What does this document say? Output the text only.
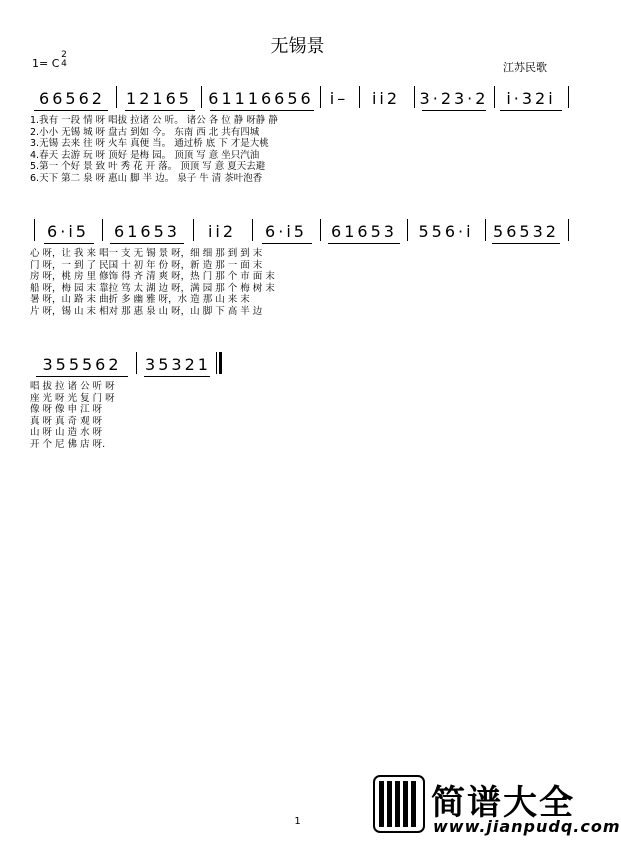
无锡景
1= C
2
4	江苏民歌
66562	12165	61116656	i–	ii2	3·23·2	i·32i
1.我有 一段 情 呀 唱拔 拉诸 公 听。 诸公 各 位 静 呀静 静
2.小小 无锡 城 呀 盘古 到如 今。 东南 西 北 共有四城
3.无锡 去来 往 呀 火车 真便 当。 通过桥 底 下 才是大桃
4.春天 去游 玩 呀 顶好 是梅 园。 顶顶 写 意 坐只汽油
5.第一 个好 景 致 叶 秀 花 开 落。 顶顶 写 意 夏天去避
6.天下 第二 泉 呀 惠山 脚 半 边。 泉子 牛 清 茶叶泡香
6·i5	61653	ii2	6·i5	61653	556·i	56532
心 呀，让 我 来 唱一 支 无 锡 景 呀，细 细 那 到 到 末
门 呀，一 到 了 民国 十 初 年 份 呀，新 造 那 一 面 末
房 呀，桃 房 里 修饰 得 齐 清 爽 呀，热 门 那 个 市 面 末
船 呀，梅 园 末 靠拉 笃 太 湖 边 呀，满 园 那 个 梅 树 末
暑 呀，山 路 末 曲折 多 幽 雅 呀，水 造 那 山 来 末
片 呀，锡 山 末 相对 那 惠 泉 山 呀，山 脚 下 高 半 边
355562	35321
唱 拔 拉 诸 公 听 呀
座 光 呀 光 复 门 呀
像 呀 像 申 江 呀
真 呀 真 奇 观 呀
山 呀 山 造 水 呀
开 个 尼 佛 店 呀.
简谱大全
www.jianpudq.com
1
